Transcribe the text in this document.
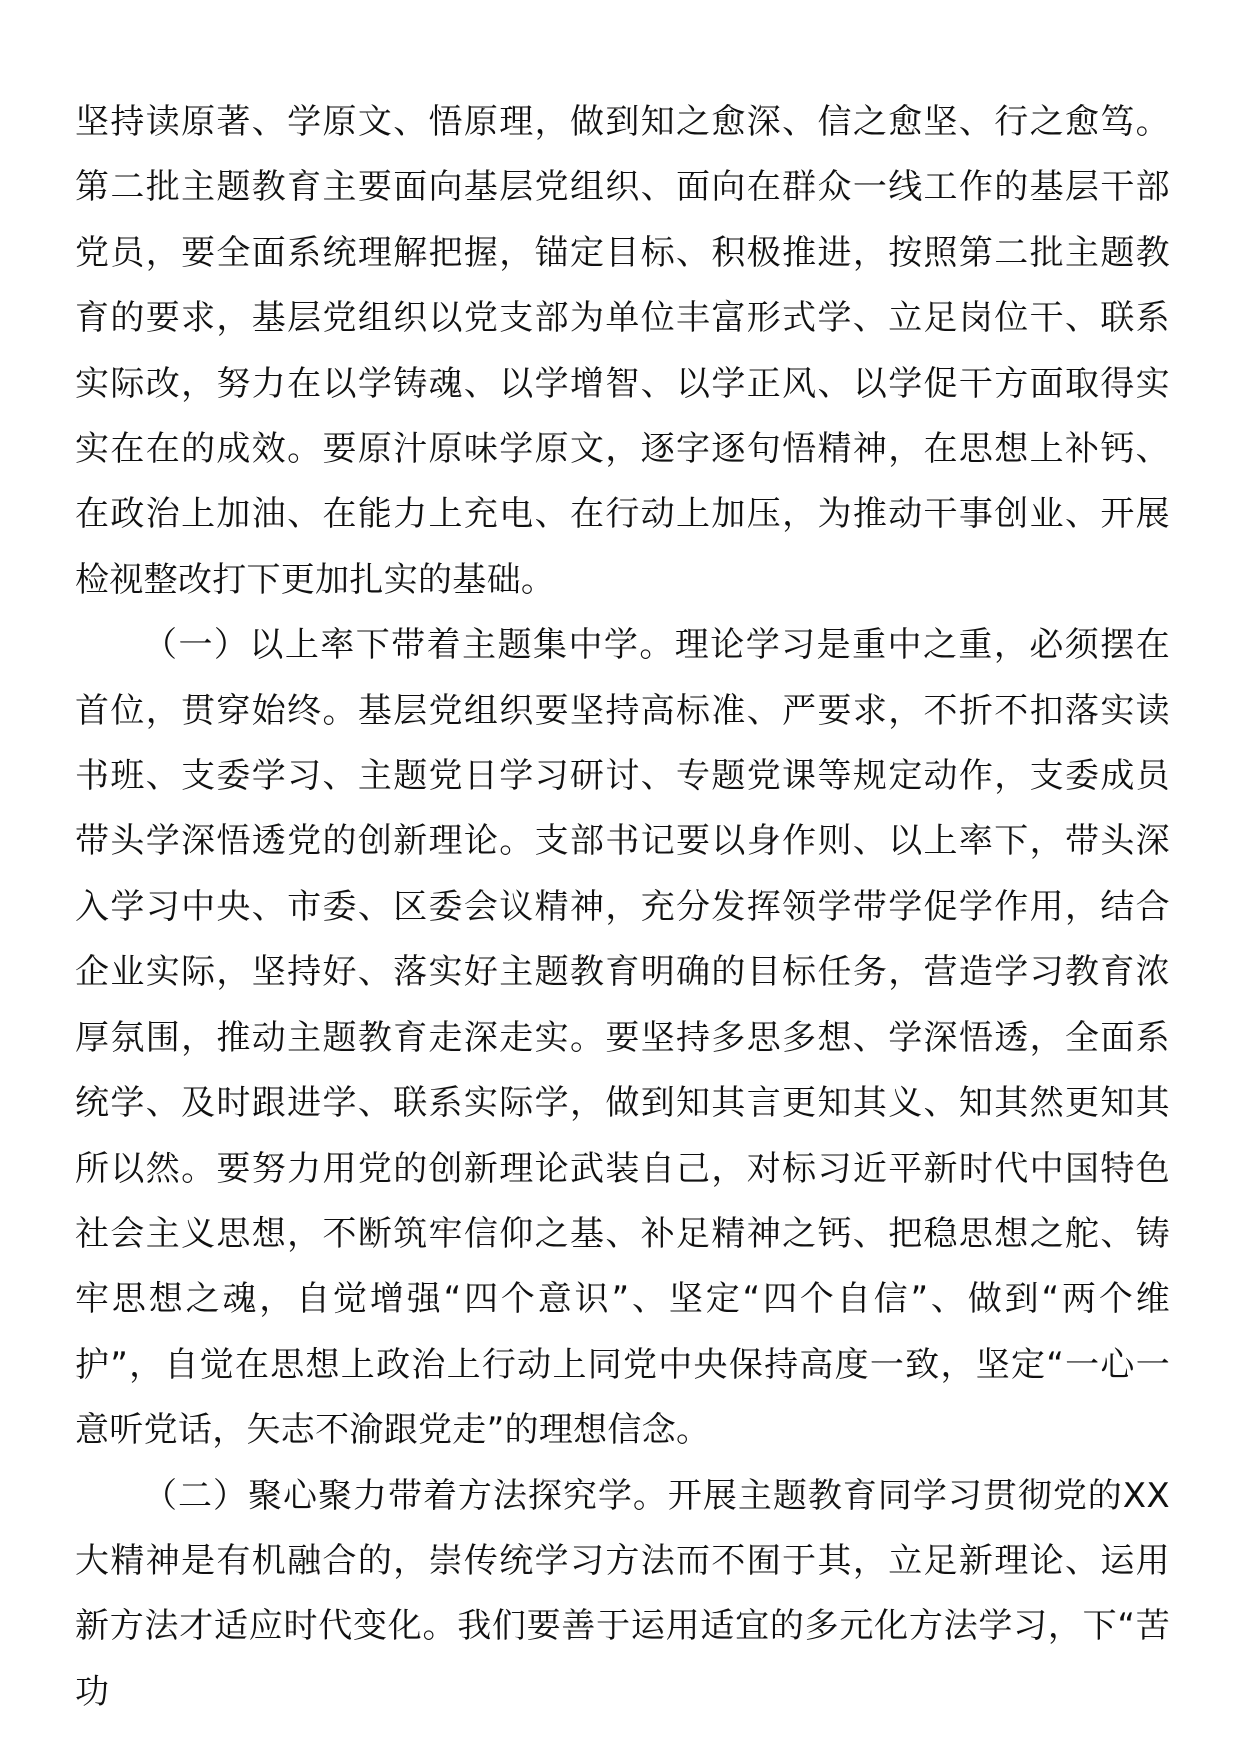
坚持读原著、学原文、悟原理，做到知之愈深、信之愈坚、行之愈笃。第二批主题教育主要面向基层党组织、面向在群众一线工作的基层干部党员，要全面系统理解把握，锚定目标、积极推进，按照第二批主题教育的要求，基层党组织以党支部为单位丰富形式学、立足岗位干、联系实际改，努力在以学铸魂、以学增智、以学正风、以学促干方面取得实实在在的成效。要原汁原味学原文，逐字逐句悟精神，在思想上补钙、在政治上加油、在能力上充电、在行动上加压，为推动干事创业、开展检视整改打下更加扎实的基础。

（一）以上率下带着主题集中学。理论学习是重中之重，必须摆在首位，贯穿始终。基层党组织要坚持高标准、严要求，不折不扣落实读书班、支委学习、主题党日学习研讨、专题党课等规定动作，支委成员带头学深悟透党的创新理论。支部书记要以身作则、以上率下，带头深入学习中央、市委、区委会议精神，充分发挥领学带学促学作用，结合企业实际，坚持好、落实好主题教育明确的目标任务，营造学习教育浓厚氛围，推动主题教育走深走实。要坚持多思多想、学深悟透，全面系统学、及时跟进学、联系实际学，做到知其言更知其义、知其然更知其所以然。要努力用党的创新理论武装自己，对标习近平新时代中国特色社会主义思想，不断筑牢信仰之基、补足精神之钙、把稳思想之舵、铸牢思想之魂，自觉增强“四个意识”、坚定“四个自信”、做到“两个维护”，自觉在思想上政治上行动上同党中央保持高度一致，坚定“一心一意听党话，矢志不渝跟党走”的理想信念。

（二）聚心聚力带着方法探究学。开展主题教育同学习贯彻党的XX大精神是有机融合的，崇传统学习方法而不囿于其，立足新理论、运用新方法才适应时代变化。我们要善于运用适宜的多元化方法学习，下“苦功
